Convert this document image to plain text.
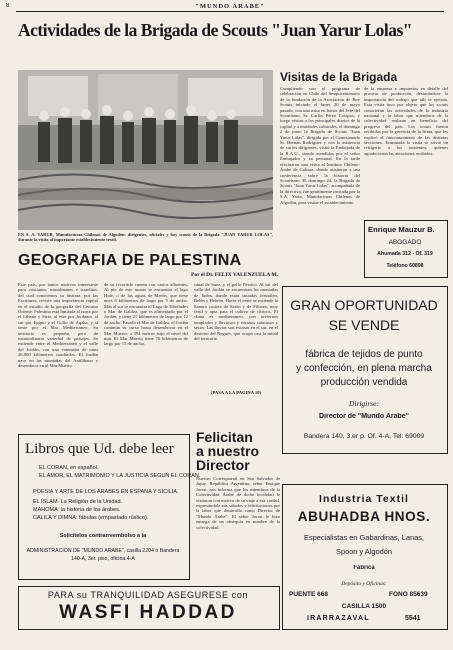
8	"MUNDO ARABE"
Actividades de la Brigada de Scouts "Juan Yarur Lolas"
EN S. A. YARUR, Manufacturas Chilenas de Algodón: dirigentes, oficiales y boy scouts de la Brigada "JUAN YARUR LOLAS", durante la visita al importante establecimiento textil.
Visitas de la Brigada
Cumpliendo con el programa de celebración en Chile del Sesquicentenario de la fundación de la Asociación de Boy Scouts iniciado el lunes 20 de mayo pasado, con una misa en honor del Jefe del Scoutismo, Sr. Carlos Pérez Cotapos, y luego visitas a los principales diarios de la capital y a entidades culturales, el domingo 2 de junio la Brigada de Scouts "Juan Yarur Lolas", dirigida por el Comisionado Sr. Hernán Rodríguez y con la asistencia de varios dirigentes, visitó la Embajada de la R.A.U., siendo atendidos por el señor Embajador y su personal. En la tarde efectuaron una visita al Instituto Chileno-Árabe de Cultura, donde asistieron a una conferencia sobre la historia del Scoutismo. El domingo 24, la Brigada de Scouts "Juan Yarur Lolas", acompañada de la directiva, fue gentilmente invitada por la S.A. Yarur, Manufacturas Chilenas de Algodón, para visitar el establecimiento.
de la empresa e impuestos en detalle del proceso de producción, destacándose la importancia del trabajo que allí se ejecuta. Esta visita tuvo por objeto que los scouts conocieran las actividades de la industria nacional y la labor que miembros de la colectividad realizan en beneficio del progreso del país. Los scouts fueron recibidos por la gerencia de la firma, que les explicó el funcionamiento de las distintas secciones. Terminada la visita se sirvió un refrigerio a los asistentes, quienes agradecieron las atenciones recibidas.
Enrique Mauzur B.
ABOGADO
Ahumada 312 - Of. 319
Teléfono 60898
GEOGRAFIA DE PALESTINA
Por el Dr. FELIX VALENZUELA M.
Este país, por tantos motivos interesante para cristianos, musulmanes e israelitas, del cual conocemos su historia, por las Escrituras, reviste una importancia capital en el estudio de la geografía del Cercano Oriente. Palestina está limitada al norte por el Líbano y Siria, al este por Jordania, al sur por Egipto y el Golfo de Aqaba, y al oeste por el Mar Mediterráneo. Su territorio es pequeño, pero de extraordinaria variedad de paisajes. Se extiende entre el Mediterráneo y el valle del Jordán, con una extensión de unos 26.000 kilómetros cuadrados. El Jordán nace en las montañas del Antilíbano y desemboca en el Mar Muerto.
de su recorrido cuenta con varios afluentes. Al pie de este monte se encuentra el lago Hule, o de las aguas de Merón, que tiene unos 6 kilómetros de largo por 5 de ancho. Más al sur se encuentra el Lago de Tiberíades o Mar de Galilea, que es alimentado por el Jordán, y tiene 21 kilómetros de largo por 12 de ancho. Pasado el Mar de Galilea, el Jordán continúa su curso hasta desembocar en el Mar Muerto, a 394 metros bajo el nivel del mar. El Mar Muerto tiene 76 kilómetros de largo por 15 de ancho.
canal de Suez, y el golfo Pérsico. Al sur del valle del Jordán se encuentran las montañas de Judea, donde están situadas Jerusalén, Belén y Hebrón. Hacia el oeste se extiende la llanura costera de Sarón y de Filistea, muy fértil y apta para el cultivo de cítricos. El clima es mediterráneo, con inviernos templados y lluviosos y veranos calurosos y secos. Las lluvias son escasas en el sur, en el desierto del Neguev, que ocupa casi la mitad del territorio.
(PASA A LA PAGINA 10)
GRAN OPORTUNIDAD
SE VENDE
fábrica de tejidos de punto
y confección, en plena marcha
producción vendida
Dirigirse:
Director de "Mundo Arabe"
Bandera 140, 3.er p. Of. 4-A, Tel: 69009
Libros que Ud. debe leer
EL CORAN, en español.
EL AMOR, EL MATRIMONIO Y LA JUSTICIA SEGUN EL CORAN.
POESIA Y ARTE DE LOS ARABES EN ESPAÑA Y SICILIA.
EL ISLAM. La Religión de la Unidad.
MAHOMA: la historia de los árabes.
CALILA Y DIMNA: fábulas (empastado rústico).
Solicítelos contrarreembolso a la
ADMINISTRACION DE "MUNDO ARABE", casilla 2204 o Bandera 140-A, 3er. piso, oficina 4-A
Felicitan
a nuestro
Director
Nuestro Corresponsal en San Salvador de Jujuy, República Argentina, señor Enrique Jorrat, nos informa que los miembros de la Colectividad Árabe de dicha localidad le visitaron con motivo de su viaje a esa ciudad, expresándole sus saludos y felicitaciones por la labor que desarrolla como Director de "Mundo Árabe". El señor Jorrat le hizo entrega de un obsequio en nombre de la colectividad.
Industria Textil
ABUHADBA HNOS.
Especialistas en Gabardinas, Lanas,
Spoon y Algodón
Fábrica
Depósito y Oficinas:
PUENTE 668	FONO 85639
CASILLA 1500
IRARRAZAVAL	5541
PARA su TRANQUILIDAD ASEGURESE con
WASFI HADDAD
